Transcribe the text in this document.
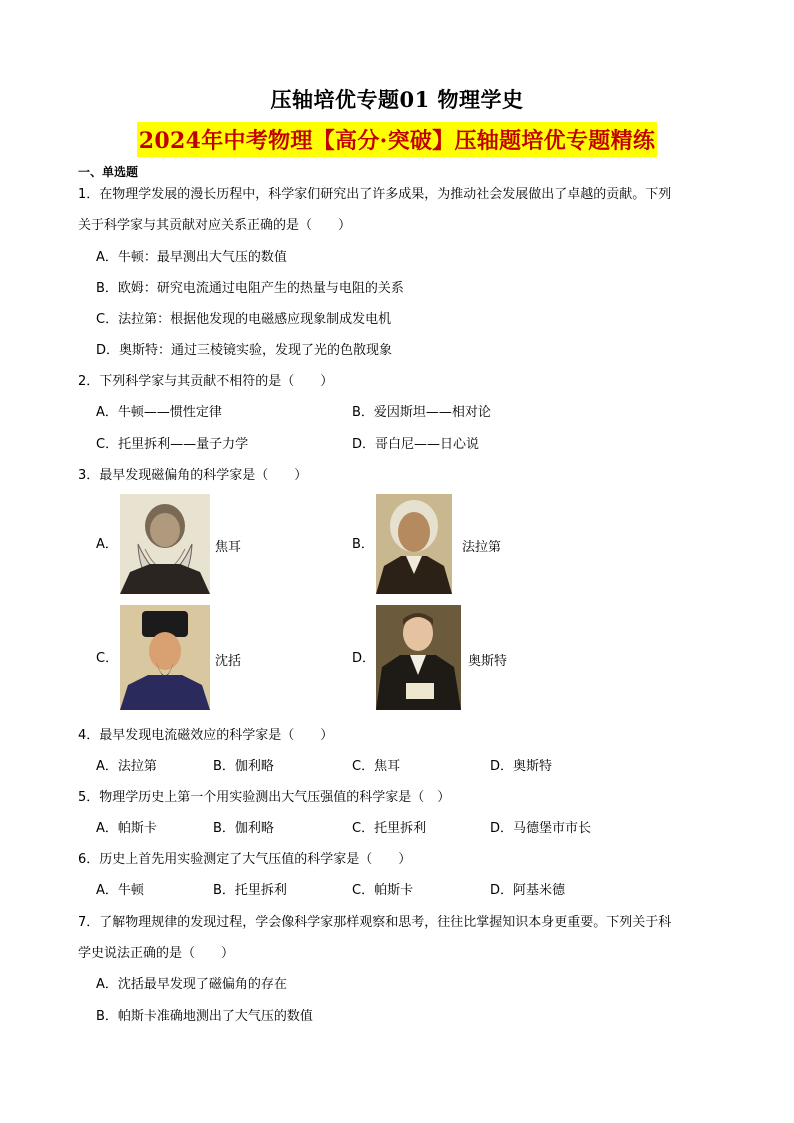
压轴培优专题01 物理学史
2024年中考物理【高分·突破】压轴题培优专题精练
一、单选题
1．在物理学发展的漫长历程中，科学家们研究出了许多成果，为推动社会发展做出了卓越的贡献。下列
关于科学家与其贡献对应关系正确的是（　　）
A．牛顿：最早测出大气压的数值
B．欧姆：研究电流通过电阻产生的热量与电阻的关系
C．法拉第：根据他发现的电磁感应现象制成发电机
D．奥斯特：通过三棱镜实验，发现了光的色散现象
2．下列科学家与其贡献不相符的是（　　）
A．牛顿——惯性定律	B．爱因斯坦——相对论
C．托里拆利——量子力学	D．哥白尼——日心说
3．最早发现磁偏角的科学家是（　　）
A．	焦耳	B．	法拉第
C．	沈括	D．	奥斯特
4．最早发现电流磁效应的科学家是（　　）
A．法拉第	B．伽利略	C．焦耳	D．奥斯特
5．物理学历史上第一个用实验测出大气压强值的科学家是（　）
A．帕斯卡	B．伽利略	C．托里拆利	D．马德堡市市长
6．历史上首先用实验测定了大气压值的科学家是（　　）
A．牛顿	B．托里拆利	C．帕斯卡	D．阿基米德
7．了解物理规律的发现过程，学会像科学家那样观察和思考，往往比掌握知识本身更重要。下列关于科
学史说法正确的是（　　）
A．沈括最早发现了磁偏角的存在
B．帕斯卡准确地测出了大气压的数值
